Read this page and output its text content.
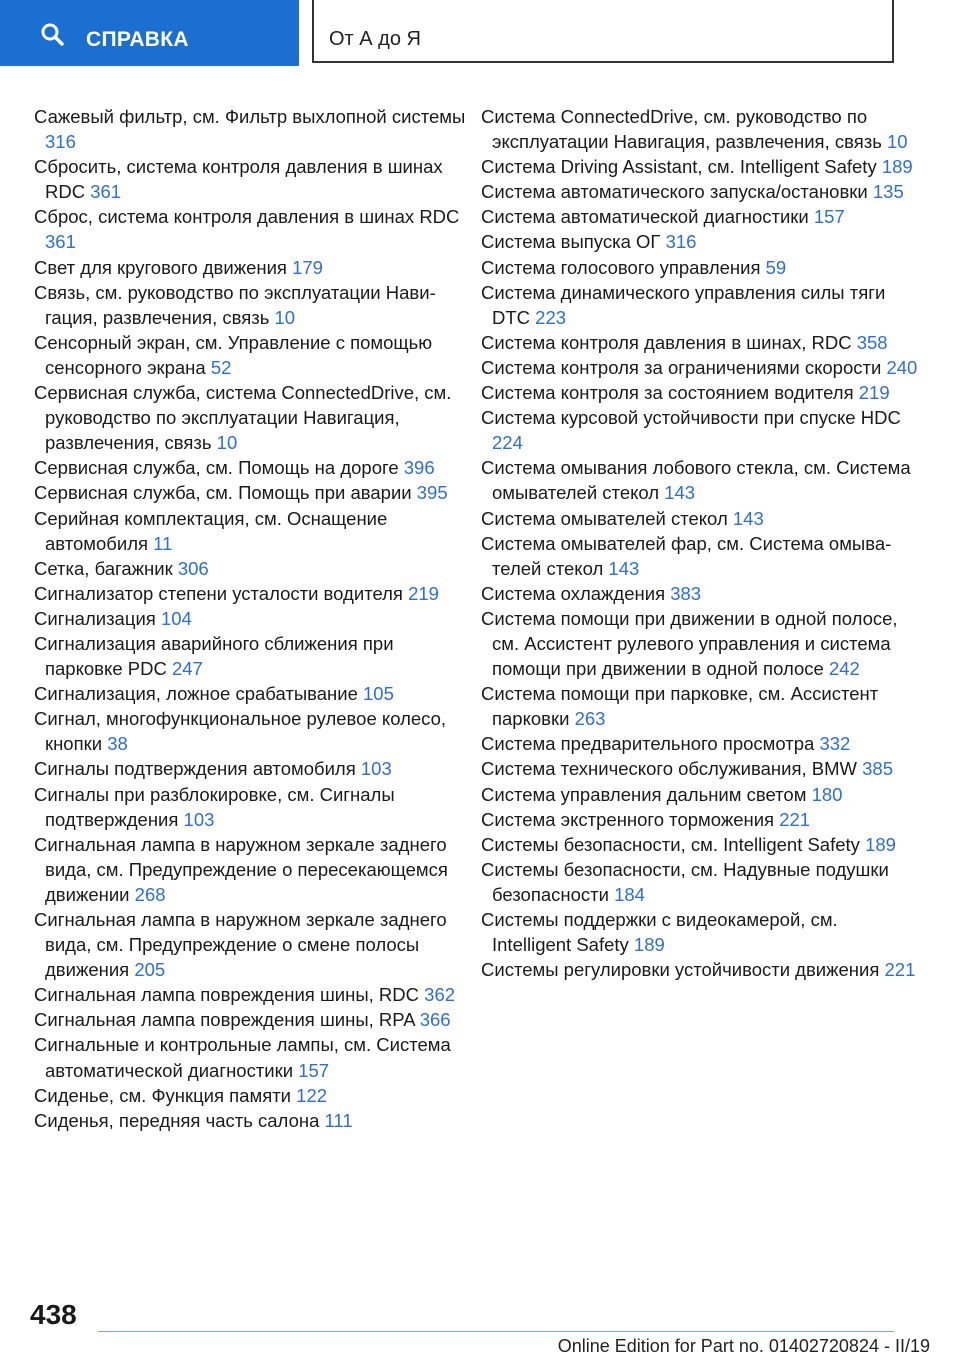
СПРАВКА	От А до Я
Сажевый фильтр, см. Фильтр выхлопной системы 316
Сбросить, система контроля давления в шинах RDC 361
Сброс, система контроля давления в шинах RDC 361
Свет для кругового движения 179
Связь, см. руководство по эксплуатации Навигация, развлечения, связь 10
Сенсорный экран, см. Управление с помощью сенсорного экрана 52
Сервисная служба, система ConnectedDrive, см. руководство по эксплуатации Навигация, развлечения, связь 10
Сервисная служба, см. Помощь на дороге 396
Сервисная служба, см. Помощь при аварии 395
Серийная комплектация, см. Оснащение автомобиля 11
Сетка, багажник 306
Сигнализатор степени усталости водителя 219
Сигнализация 104
Сигнализация аварийного сближения при парковке PDC 247
Сигнализация, ложное срабатывание 105
Сигнал, многофункциональное рулевое колесо, кнопки 38
Сигналы подтверждения автомобиля 103
Сигналы при разблокировке, см. Сигналы подтверждения 103
Сигнальная лампа в наружном зеркале заднего вида, см. Предупреждение о пересекающемся движении 268
Сигнальная лампа в наружном зеркале заднего вида, см. Предупреждение о смене полосы движения 205
Сигнальная лампа повреждения шины, RDC 362
Сигнальная лампа повреждения шины, RPA 366
Сигнальные и контрольные лампы, см. Система автоматической диагностики 157
Сиденье, см. Функция памяти 122
Сиденья, передняя часть салона 111
Система ConnectedDrive, см. руководство по эксплуатации Навигация, развлечения, связь 10
Система Driving Assistant, см. Intelligent Safety 189
Система автоматического запуска/остановки 135
Система автоматической диагностики 157
Система выпуска ОГ 316
Система голосового управления 59
Система динамического управления силы тяги DTC 223
Система контроля давления в шинах, RDC 358
Система контроля за ограничениями скорости 240
Система контроля за состоянием водителя 219
Система курсовой устойчивости при спуске HDC 224
Система омывания лобового стекла, см. Система омывателей стекол 143
Система омывателей стекол 143
Система омывателей фар, см. Система омывателей стекол 143
Система охлаждения 383
Система помощи при движении в одной полосе, см. Ассистент рулевого управления и система помощи при движении в одной полосе 242
Система помощи при парковке, см. Ассистент парковки 263
Система предварительного просмотра 332
Система технического обслуживания, BMW 385
Система управления дальним светом 180
Система экстренного торможения 221
Системы безопасности, см. Intelligent Safety 189
Системы безопасности, см. Надувные подушки безопасности 184
Системы поддержки с видеокамерой, см. Intelligent Safety 189
Системы регулировки устойчивости движения 221
438
Online Edition for Part no. 01402720824 - II/19
